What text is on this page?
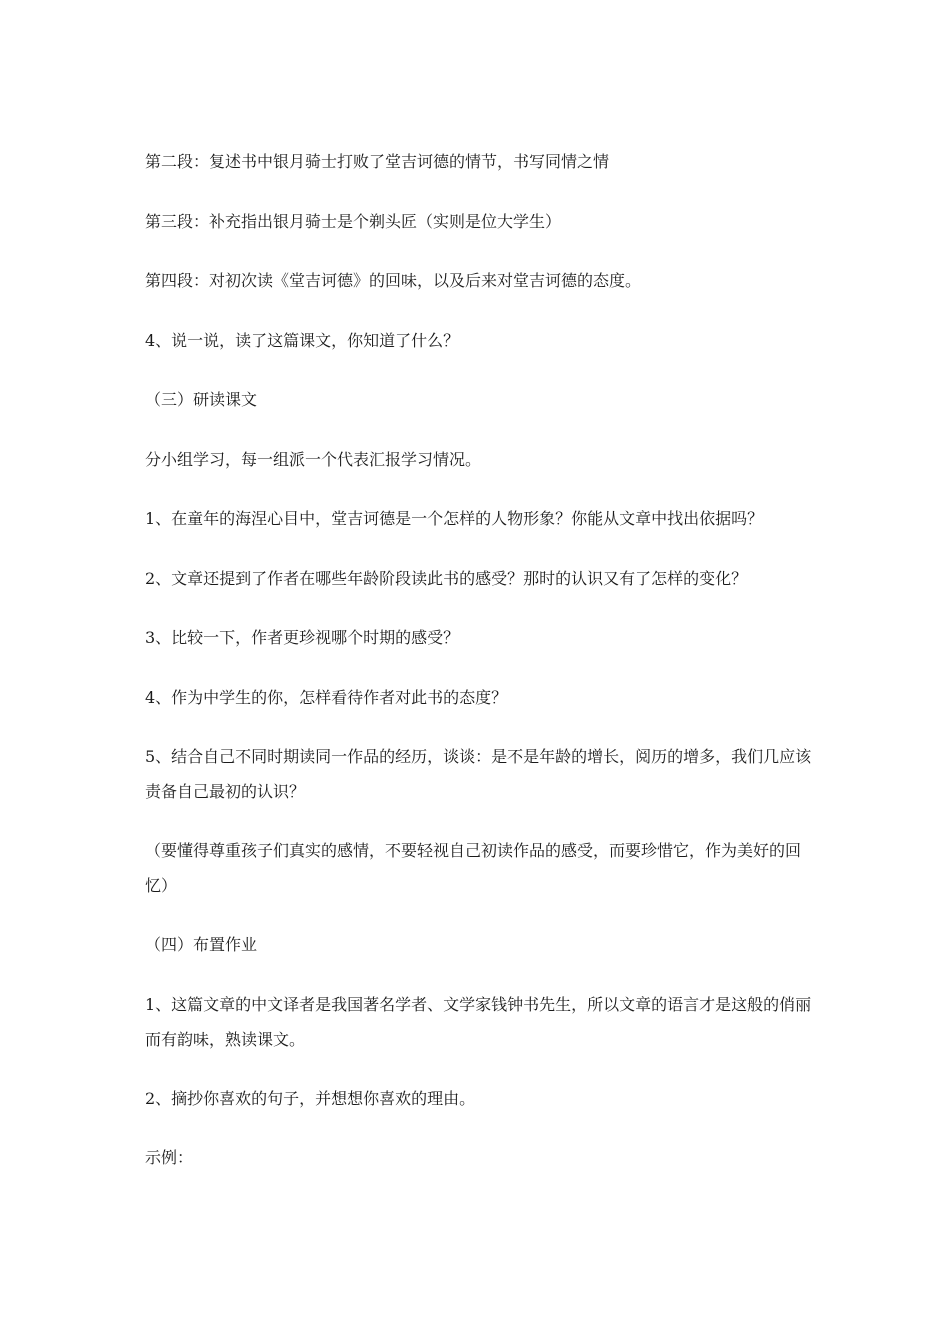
第二段：复述书中银月骑士打败了堂吉诃德的情节，书写同情之情

第三段：补充指出银月骑士是个剃头匠（实则是位大学生）

第四段：对初次读《堂吉诃德》的回味，以及后来对堂吉诃德的态度。

4、说一说，读了这篇课文，你知道了什么？

（三）研读课文

分小组学习，每一组派一个代表汇报学习情况。

1、在童年的海涅心目中，堂吉诃德是一个怎样的人物形象？你能从文章中找出依据吗？

2、文章还提到了作者在哪些年龄阶段读此书的感受？那时的认识又有了怎样的变化？

3、比较一下，作者更珍视哪个时期的感受？

4、作为中学生的你，怎样看待作者对此书的态度？

5、结合自己不同时期读同一作品的经历，谈谈：是不是年龄的增长，阅历的增多，我们几应该责备自己最初的认识？

（要懂得尊重孩子们真实的感情，不要轻视自己初读作品的感受，而要珍惜它，作为美好的回忆）

（四）布置作业

1、这篇文章的中文译者是我国著名学者、文学家钱钟书先生，所以文章的语言才是这般的俏丽而有韵味，熟读课文。

2、摘抄你喜欢的句子，并想想你喜欢的理由。

示例：
